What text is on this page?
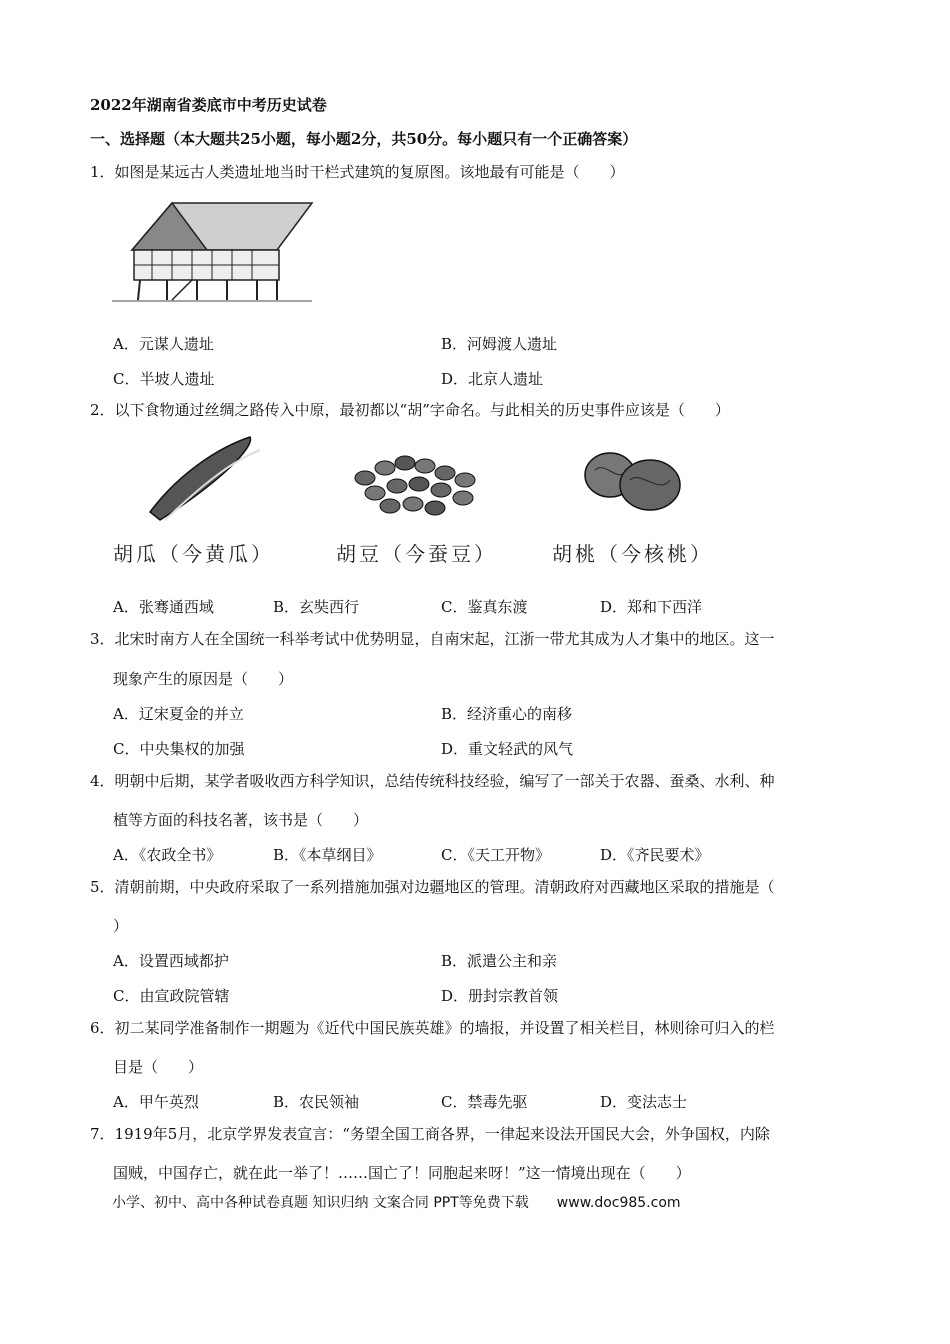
2022年湖南省娄底市中考历史试卷
一、选择题（本大题共25小题，每小题2分，共50分。每小题只有一个正确答案）
1．如图是某远古人类遗址地当时干栏式建筑的复原图。该地最有可能是（　　）
A．元谋人遗址	B．河姆渡人遗址
C．半坡人遗址	D．北京人遗址
2．以下食物通过丝绸之路传入中原，最初都以“胡”字命名。与此相关的历史事件应该是（　　）
胡瓜（今黄瓜）	胡豆（今蚕豆）	胡桃（今核桃）
A．张骞通西域	B．玄奘西行	C．鉴真东渡	D．郑和下西洋
3．北宋时南方人在全国统一科举考试中优势明显，自南宋起，江浙一带尤其成为人才集中的地区。这一
现象产生的原因是（　　）
A．辽宋夏金的并立	B．经济重心的南移
C．中央集权的加强	D．重文轻武的风气
4．明朝中后期，某学者吸收西方科学知识，总结传统科技经验，编写了一部关于农器、蚕桑、水利、种
植等方面的科技名著，该书是（　　）
A．《农政全书》	B．《本草纲目》	C．《天工开物》	D．《齐民要术》
5．清朝前期，中央政府采取了一系列措施加强对边疆地区的管理。清朝政府对西藏地区采取的措施是（
）
A．设置西域都护	B．派遣公主和亲
C．由宣政院管辖	D．册封宗教首领
6．初二某同学准备制作一期题为《近代中国民族英雄》的墙报，并设置了相关栏目，林则徐可归入的栏
目是（　　）
A．甲午英烈	B．农民领袖	C．禁毒先驱	D．变法志士
7．1919年5月，北京学界发表宣言：“务望全国工商各界，一律起来设法开国民大会，外争国权，内除
国贼，中国存亡，就在此一举了！……国亡了！同胞起来呀！”这一情境出现在（　　）
小学、初中、高中各种试卷真题 知识归纳 文案合同 PPT等免费下载 www.doc985.com
